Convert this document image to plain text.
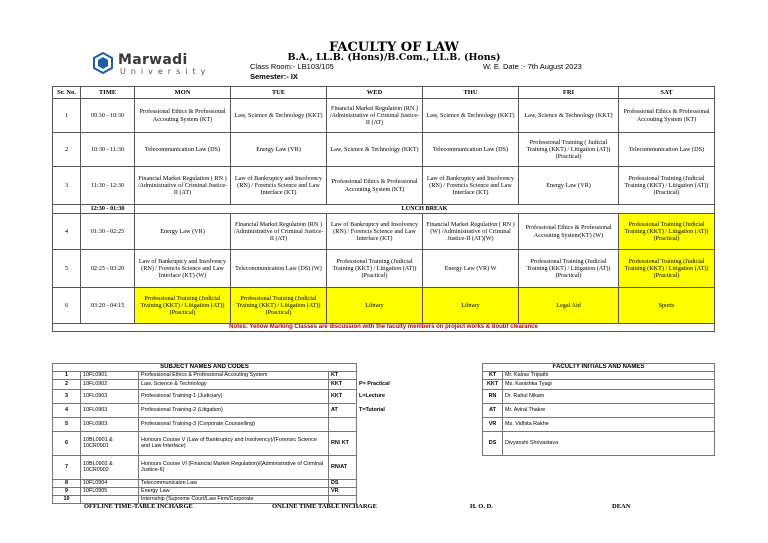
Marwadi
University
FACULTY OF LAW
B.A., LL.B. (Hons)/B.Com., LL.B. (Hons)
Class Room:- LB103/105
Semester:- IX
W. E. Date :- 7th August 2023
Sr. No.	TIME	MON	TUE	WED	THU	FRI	SAT
1	09.30 - 10:30	Professional Ethics & Professional Accouting System (KT)	Law, Science & Technology (KKT)	Financial Market Regulation (RN ) /Administrative of Criminal Justice-II (AT)	Law, Science & Technology (KKT)	Law, Science & Technology (KKT)	Professional Ethics & Professional Accouting System (KT)
2	10:30 - 11:30	Telecommunication Law (DS)	Energy Law (VR)	Law, Science & Technology (KKT)	Telecommunication Law (DS)	Professional Training ( Judicial Training (KKT) / Litigation (AT)) (Practical)	Telecommunication Law (DS)
3	11:30 - 12:30	Financial Market Regulation ( RN ) /Administrative of Criminal Justice-II (AT)	Law of Bankruptcy and Insolvency (RN) / Forencis Science and Law Interface (KT)	Professional Ethics & Professional Accouting System (KT)	Law of Bankruptcy and Insolvency (RN) / Forencis Science and Law Interface (KT)	Energy Law (VR)	Professional Training (Judicial Training (KKT) / Litigation (AT)) (Practical)
	12:30 - 01:30	LUNCH BREAK					
4	01:30 - 02:25	Energy Law (VR)	Financial Market Regulation (RN ) /Administrative of Criminal Justice-II (AT)	Law of Bankruptcy and Insolvency (RN) / Forencis Science and Law Interface (KT)	Financial Market Regulation ( RN ) (W) /Administrative of Criminal Justice-II (AT)(W)	Professional Ethics & Professional Accouting System(KT) (W)	Professional Training (Judicial Training (KKT) / Litigation (AT)) (Practical)
5	02:25 - 03:20	Law of Bankruptcy and Insolvency (RN) / Forencis Science and Law Interface (KT) (W)	Telecommunication Law (DS) (W)	Professional Training (Judicial Training (KKT) / Litigation (AT)) (Practical)	Energy Law (VR) W	Professional Training (Judicial Training (KKT) / Litigation (AT)) (Practical)	Professional Training (Judicial Training (KKT) / Litigation (AT)) (Practical)
6	03:20 - 04:15	Professional Training (Judicial Training (KKT) / Litigation (AT)) (Practical)	Professional Training (Judicial Training (KKT) / Litigation (AT)) (Practical)	Library	Library	Legal Aid	Sports
Notes: Yellow Marking Classes are discussion with the faculty members on project works & doubt clearance							
SUBJECT NAMES AND CODES					FACULTY INITIALS AND NAMES	
1	10FL0901	Professional Ethics & Professional Accouting System	KT		KT	Mr. Kalrav Tripathi
2	10FL0902	Law, Science & Technology	KKT	P= Practical	KKT	Ms. Kanishka Tyagi
3	10FL0903	Professional Training-1 (Judiciary)	KKT	L=Lecture	RN	Dr. Rahul Nikam
4	10FL0903	Professional Training-2 (Litigation)	AT	T=Tutorial	AT	Mr. Aviral Thakre
5	10FL0903	Professional Training-3 (Corporate Counselling)			VR	Ms. Vidhita Rakhe
6	10BL0901 & 10CR0901	Honours Course V (Law of Bankruptcy and Insolvency)/(Forensic Science and Law Interface)	RN/ KT		DS	Divyanshi Shrivastava
7	10BL0902 & 10CR0902	Honours Course VI (Financial Market Regulation)/(Administrative of Criminal Justice-II)	RN/AT			
8	10FL0904	Telecommunicaion Law	DS			
9	10FL0905	Energy Law	VR			
10		Internship (Supreme Court/Law Firm/Corporate				
OFFLINE TIME-TABLE INCHARGE	ONLINE TIME TABLE INCHARGE	H. O. D.	DEAN
